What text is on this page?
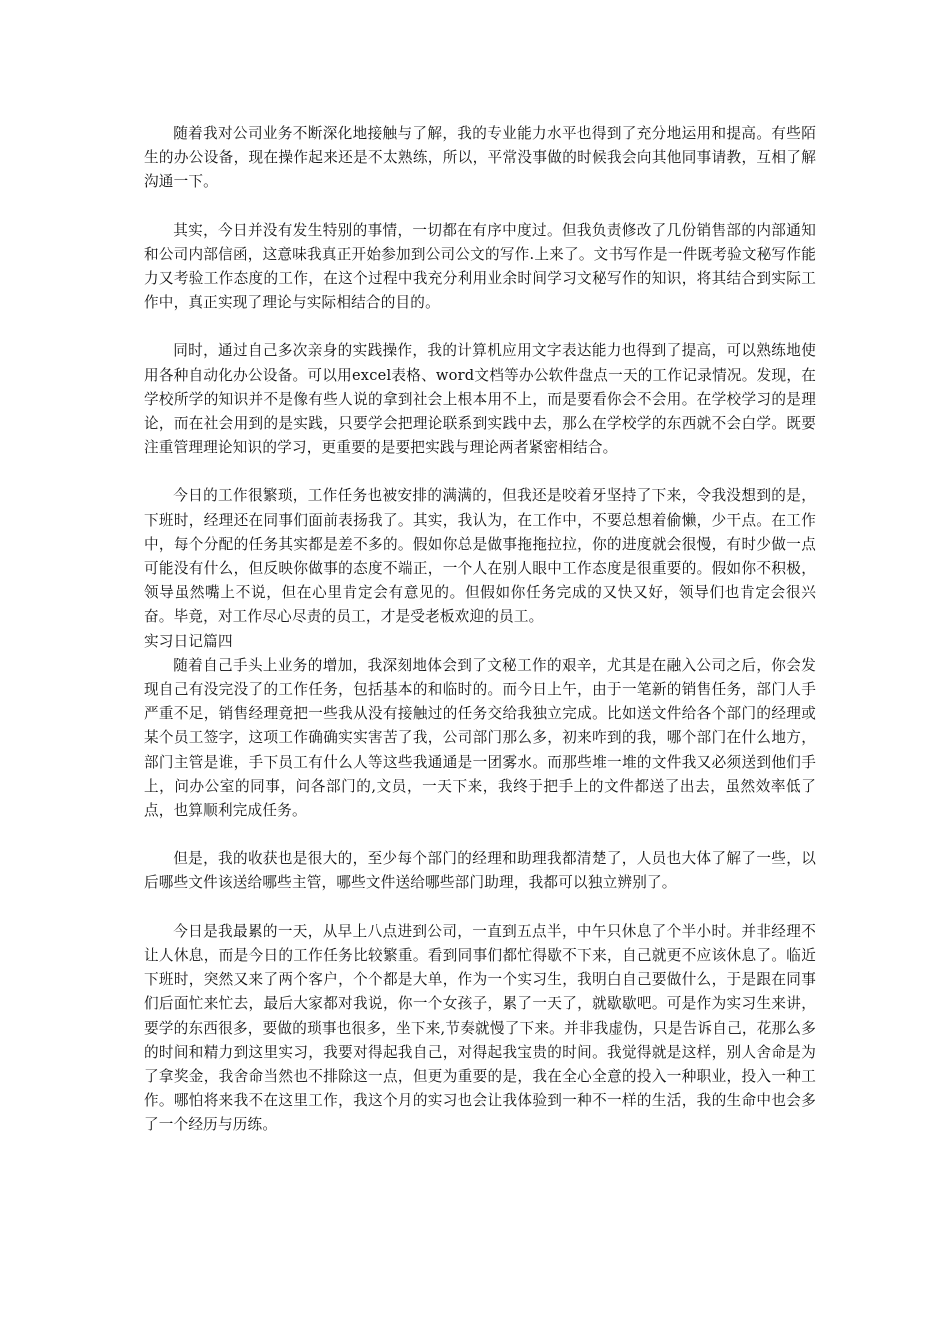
随着我对公司业务不断深化地接触与了解，我的专业能力水平也得到了充分地运用和提高。有些陌生的办公设备，现在操作起来还是不太熟练，所以，平常没事做的时候我会向其他同事请教，互相了解沟通一下。

其实，今日并没有发生特别的事情，一切都在有序中度过。但我负责修改了几份销售部的内部通知和公司内部信函，这意味我真正开始参加到公司公文的写作.上来了。文书写作是一件既考验文秘写作能力又考验工作态度的工作，在这个过程中我充分利用业余时间学习文秘写作的知识，将其结合到实际工作中，真正实现了理论与实际相结合的目的。

同时，通过自己多次亲身的实践操作，我的计算机应用文字表达能力也得到了提高，可以熟练地使用各种自动化办公设备。可以用excel表格、word文档等办公软件盘点一天的工作记录情况。发现，在学校所学的知识并不是像有些人说的拿到社会上根本用不上，而是要看你会不会用。在学校学习的是理论，而在社会用到的是实践，只要学会把理论联系到实践中去，那么在学校学的东西就不会白学。既要注重管理理论知识的学习，更重要的是要把实践与理论两者紧密相结合。

今日的工作很繁琐，工作任务也被安排的满满的，但我还是咬着牙坚持了下来，令我没想到的是，下班时，经理还在同事们面前表扬我了。其实，我认为，在工作中，不要总想着偷懒，少干点。在工作中，每个分配的任务其实都是差不多的。假如你总是做事拖拖拉拉，你的进度就会很慢，有时少做一点可能没有什么，但反映你做事的态度不端正，一个人在别人眼中工作态度是很重要的。假如你不积极，领导虽然嘴上不说，但在心里肯定会有意见的。但假如你任务完成的又快又好，领导们也肯定会很兴奋。毕竟，对工作尽心尽责的员工，才是受老板欢迎的员工。

实习日记篇四

随着自己手头上业务的增加，我深刻地体会到了文秘工作的艰辛，尤其是在融入公司之后，你会发现自己有没完没了的工作任务，包括基本的和临时的。而今日上午，由于一笔新的销售任务，部门人手严重不足，销售经理竟把一些我从没有接触过的任务交给我独立完成。比如送文件给各个部门的经理或某个员工签字，这项工作确确实实害苦了我，公司部门那么多，初来咋到的我，哪个部门在什么地方，部门主管是谁，手下员工有什么人等这些我通通是一团雾水。而那些堆一堆的文件我又必须送到他们手上，问办公室的同事，问各部门的,文员，一天下来，我终于把手上的文件都送了出去，虽然效率低了点，也算顺利完成任务。

但是，我的收获也是很大的，至少每个部门的经理和助理我都清楚了，人员也大体了解了一些，以后哪些文件该送给哪些主管，哪些文件送给哪些部门助理，我都可以独立辨别了。

今日是我最累的一天，从早上八点进到公司，一直到五点半，中午只休息了个半小时。并非经理不让人休息，而是今日的工作任务比较繁重。看到同事们都忙得歇不下来，自己就更不应该休息了。临近下班时，突然又来了两个客户，个个都是大单，作为一个实习生，我明白自己要做什么，于是跟在同事们后面忙来忙去，最后大家都对我说，你一个女孩子，累了一天了，就歇歇吧。可是作为实习生来讲，要学的东西很多，要做的琐事也很多，坐下来,节奏就慢了下来。并非我虚伪，只是告诉自己，花那么多的时间和精力到这里实习，我要对得起我自己，对得起我宝贵的时间。我觉得就是这样，别人舍命是为了拿奖金，我舍命当然也不排除这一点，但更为重要的是，我在全心全意的投入一种职业，投入一种工作。哪怕将来我不在这里工作，我这个月的实习也会让我体验到一种不一样的生活，我的生命中也会多了一个经历与历练。
